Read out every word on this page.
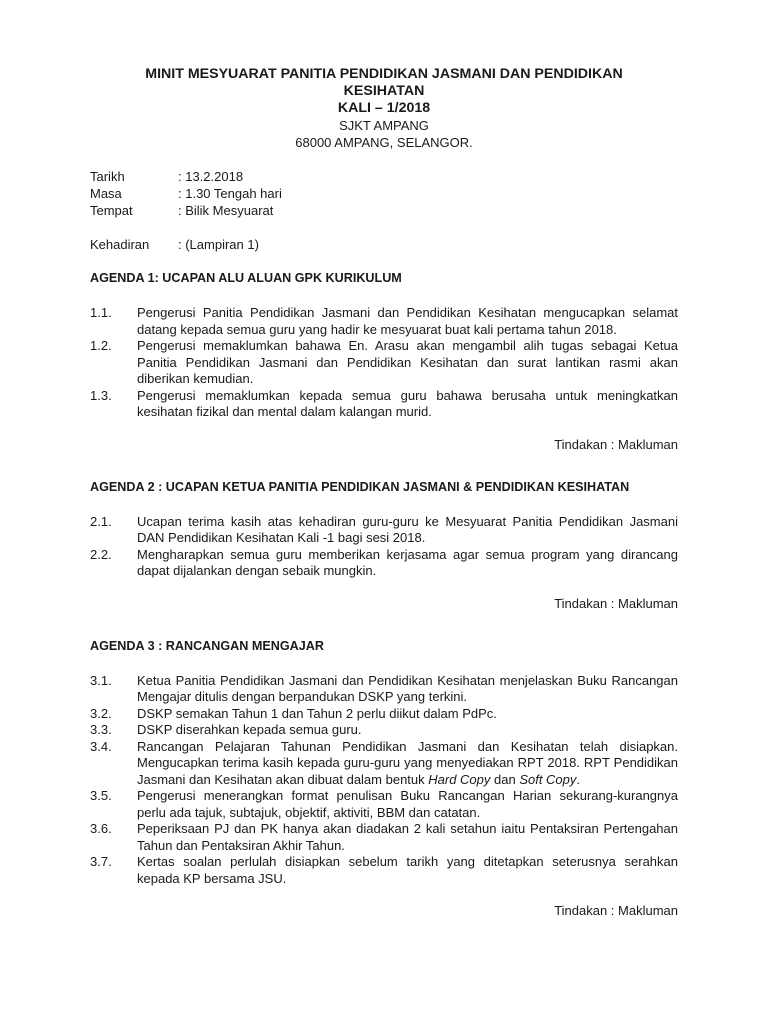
MINIT MESYUARAT PANITIA PENDIDIKAN JASMANI DAN PENDIDIKAN
KESIHATAN
KALI – 1/2018
SJKT AMPANG
68000 AMPANG, SELANGOR.
Tarikh	: 13.2.2018
Masa	: 1.30 Tengah hari
Tempat	: Bilik Mesyuarat
Kehadiran	: (Lampiran 1)
AGENDA 1: UCAPAN ALU ALUAN GPK KURIKULUM
1.1.	Pengerusi Panitia Pendidikan Jasmani dan Pendidikan Kesihatan mengucapkan selamat datang kepada semua guru yang hadir ke mesyuarat buat kali pertama tahun 2018.
1.2.	Pengerusi memaklumkan bahawa En. Arasu akan mengambil alih tugas sebagai Ketua Panitia Pendidikan Jasmani dan Pendidikan Kesihatan dan surat lantikan rasmi akan diberikan kemudian.
1.3.	Pengerusi memaklumkan kepada semua guru bahawa berusaha untuk meningkatkan kesihatan fizikal dan mental dalam kalangan murid.
Tindakan : Makluman
AGENDA 2 : UCAPAN KETUA PANITIA PENDIDIKAN JASMANI & PENDIDIKAN KESIHATAN
2.1.	Ucapan terima kasih atas kehadiran guru-guru ke Mesyuarat Panitia Pendidikan Jasmani DAN Pendidikan Kesihatan Kali -1 bagi sesi 2018.
2.2.	Mengharapkan semua guru memberikan kerjasama agar semua program yang dirancang dapat dijalankan dengan sebaik mungkin.
Tindakan : Makluman
AGENDA 3 : RANCANGAN MENGAJAR
3.1.	Ketua Panitia Pendidikan Jasmani dan Pendidikan Kesihatan menjelaskan Buku Rancangan Mengajar ditulis dengan berpandukan DSKP yang terkini.
3.2.	DSKP semakan Tahun 1 dan Tahun 2 perlu diikut dalam PdPc.
3.3.	DSKP diserahkan kepada semua guru.
3.4.	Rancangan Pelajaran Tahunan Pendidikan Jasmani dan Kesihatan telah disiapkan. Mengucapkan terima kasih kepada guru-guru yang menyediakan RPT 2018. RPT Pendidikan Jasmani dan Kesihatan akan dibuat dalam bentuk Hard Copy dan Soft Copy.
3.5.	Pengerusi menerangkan format penulisan Buku Rancangan Harian sekurang-kurangnya perlu ada tajuk, subtajuk, objektif, aktiviti, BBM dan catatan.
3.6.	Peperiksaan PJ dan PK hanya akan diadakan 2 kali setahun iaitu Pentaksiran Pertengahan Tahun dan Pentaksiran Akhir Tahun.
3.7.	Kertas soalan perlulah disiapkan sebelum tarikh yang ditetapkan seterusnya serahkan kepada KP bersama JSU.
Tindakan : Makluman
